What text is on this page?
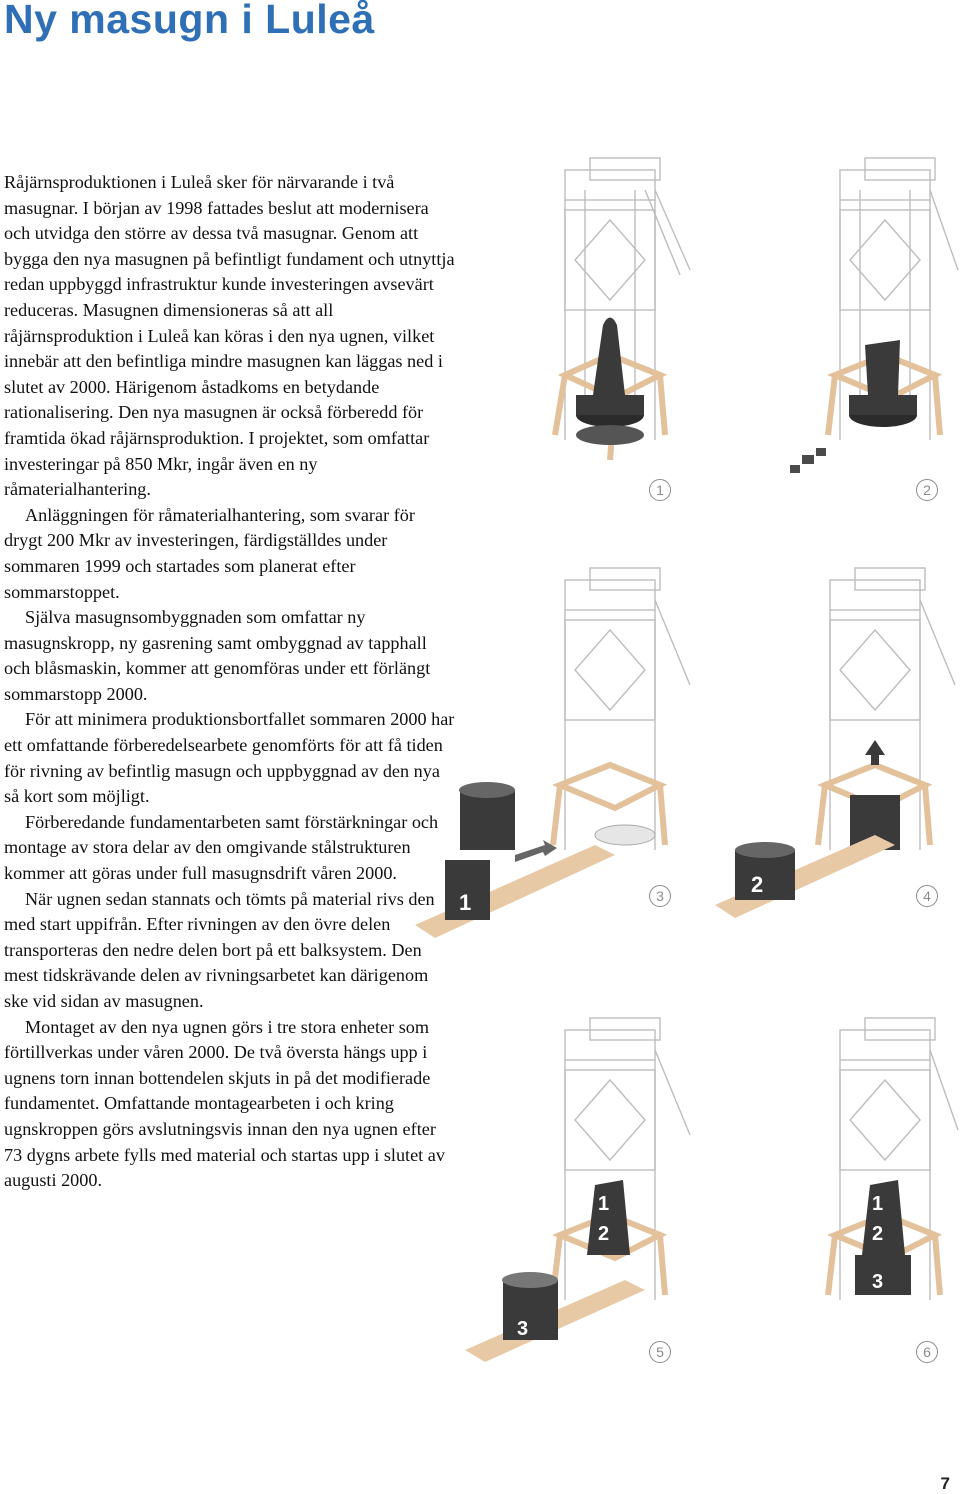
Ny masugn i Luleå

Råjärnsproduktionen i Luleå sker för närvarande i två masugnar. I början av 1998 fattades beslut att modernisera och utvidga den större av dessa två masugnar. Genom att bygga den nya masugnen på befintligt fundament och utnyttja redan uppbyggd infrastruktur kunde investeringen avsevärt reduceras. Masugnen dimensioneras så att all råjärnsproduktion i Luleå kan köras i den nya ugnen, vilket innebär att den befintliga mindre masugnen kan läggas ned i slutet av 2000. Härigenom åstadkoms en betydande rationalisering. Den nya masugnen är också förberedd för framtida ökad råjärnsproduktion. I projektet, som omfattar investeringar på 850 Mkr, ingår även en ny råmaterialhantering.

Anläggningen för råmaterialhantering, som svarar för drygt 200 Mkr av investeringen, färdigställdes under sommaren 1999 och startades som planerat efter sommarstoppet.

Själva masugnsombyggnaden som omfattar ny masugnskropp, ny gasrening samt ombyggnad av tapphall och blåsmaskin, kommer att genomföras under ett förlängt sommarstopp 2000.

För att minimera produktionsbortfallet sommaren 2000 har ett omfattande förberedelsearbete genomförts för att få tiden för rivning av befintlig masugn och uppbyggnad av den nya så kort som möjligt.

Förberedande fundamentarbeten samt förstärkningar och montage av stora delar av den omgivande stålstrukturen kommer att göras under full masugnsdrift våren 2000.

När ugnen sedan stannats och tömts på material rivs den med start uppifrån. Efter rivningen av den övre delen transporteras den nedre delen bort på ett balksystem. Den mest tidskrävande delen av rivningsarbetet kan därigenom ske vid sidan av masugnen.

Montaget av den nya ugnen görs i tre stora enheter som förtillverkas under våren 2000. De två översta hängs upp i ugnens torn innan bottendelen skjuts in på det modifierade fundamentet. Omfattande montagearbeten i och kring ugnskroppen görs avslutningsvis innan den nya ugnen efter 73 dygns arbete fylls med material och startas upp i slutet av augusti 2000.

1	2
1	3	2	4
1
2
3
5
1
2
3
6
7
